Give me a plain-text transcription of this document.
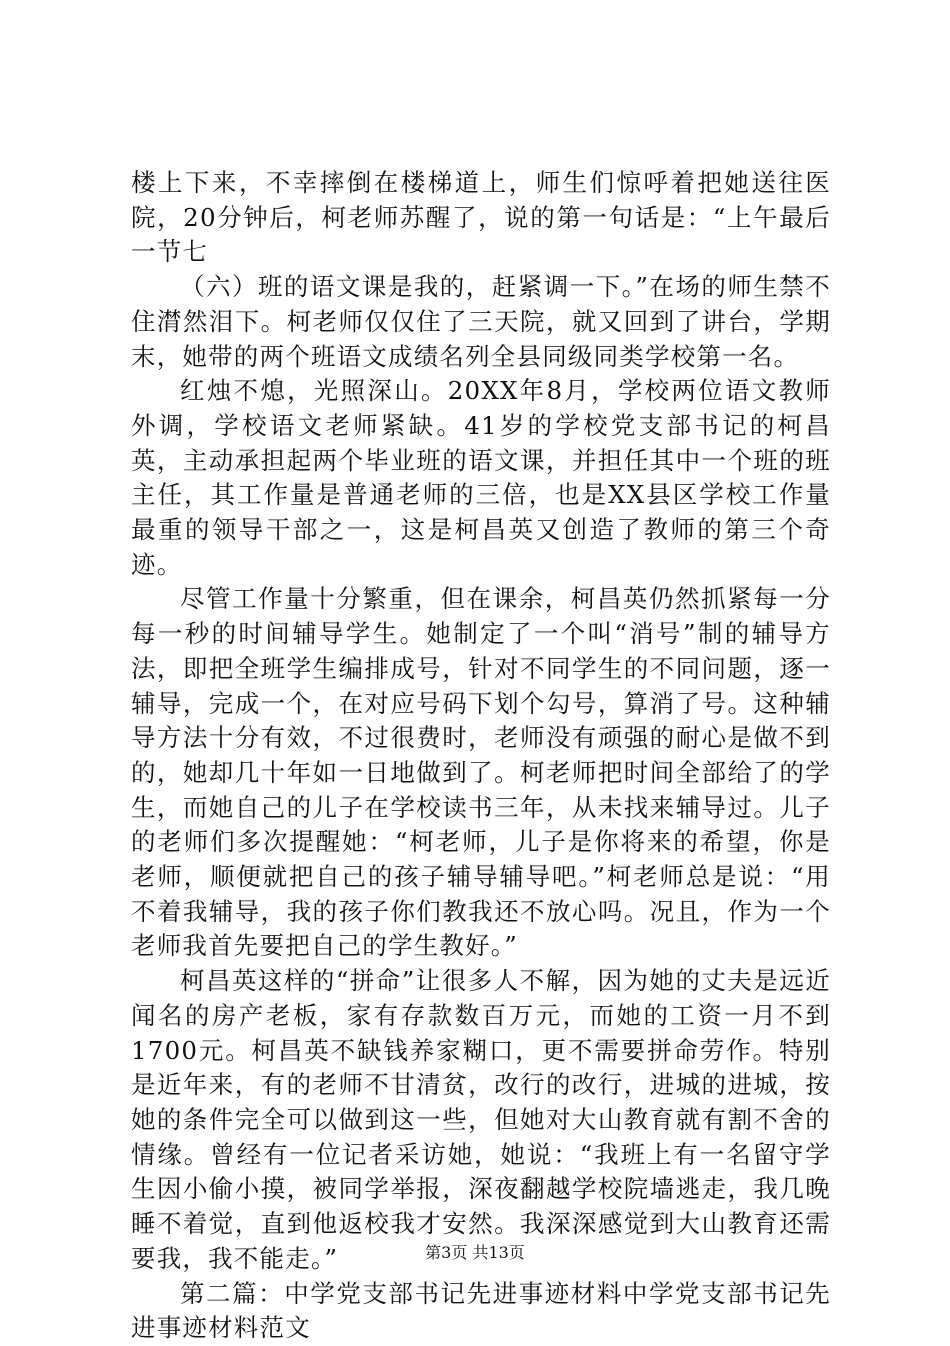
楼上下来，不幸摔倒在楼梯道上，师生们惊呼着把她送往医院，20分钟后，柯老师苏醒了，说的第一句话是：“上午最后一节七

（六）班的语文课是我的，赶紧调一下。”在场的师生禁不住潸然泪下。柯老师仅仅住了三天院，就又回到了讲台，学期末，她带的两个班语文成绩名列全县同级同类学校第一名。

红烛不熄，光照深山。20XX年8月，学校两位语文教师外调，学校语文老师紧缺。41岁的学校党支部书记的柯昌英，主动承担起两个毕业班的语文课，并担任其中一个班的班主任，其工作量是普通老师的三倍，也是XX县区学校工作量最重的领导干部之一，这是柯昌英又创造了教师的第三个奇迹。

尽管工作量十分繁重，但在课余，柯昌英仍然抓紧每一分每一秒的时间辅导学生。她制定了一个叫“消号”制的辅导方法，即把全班学生编排成号，针对不同学生的不同问题，逐一辅导，完成一个，在对应号码下划个勾号，算消了号。这种辅导方法十分有效，不过很费时，老师没有顽强的耐心是做不到的，她却几十年如一日地做到了。柯老师把时间全部给了的学生，而她自己的儿子在学校读书三年，从未找来辅导过。儿子的老师们多次提醒她：“柯老师，儿子是你将来的希望，你是老师，顺便就把自己的孩子辅导辅导吧。”柯老师总是说：“用不着我辅导，我的孩子你们教我还不放心吗。况且，作为一个老师我首先要把自己的学生教好。”

柯昌英这样的“拼命”让很多人不解，因为她的丈夫是远近闻名的房产老板，家有存款数百万元，而她的工资一月不到1700元。柯昌英不缺钱养家糊口，更不需要拼命劳作。特别是近年来，有的老师不甘清贫，改行的改行，进城的进城，按她的条件完全可以做到这一些，但她对大山教育就有割不舍的情缘。曾经有一位记者采访她，她说：“我班上有一名留守学生因小偷小摸，被同学举报，深夜翻越学校院墙逃走，我几晚睡不着觉，直到他返校我才安然。我深深感觉到大山教育还需要我，我不能走。”

第二篇：中学党支部书记先进事迹材料中学党支部书记先进事迹材料范文

第3页 共13页
